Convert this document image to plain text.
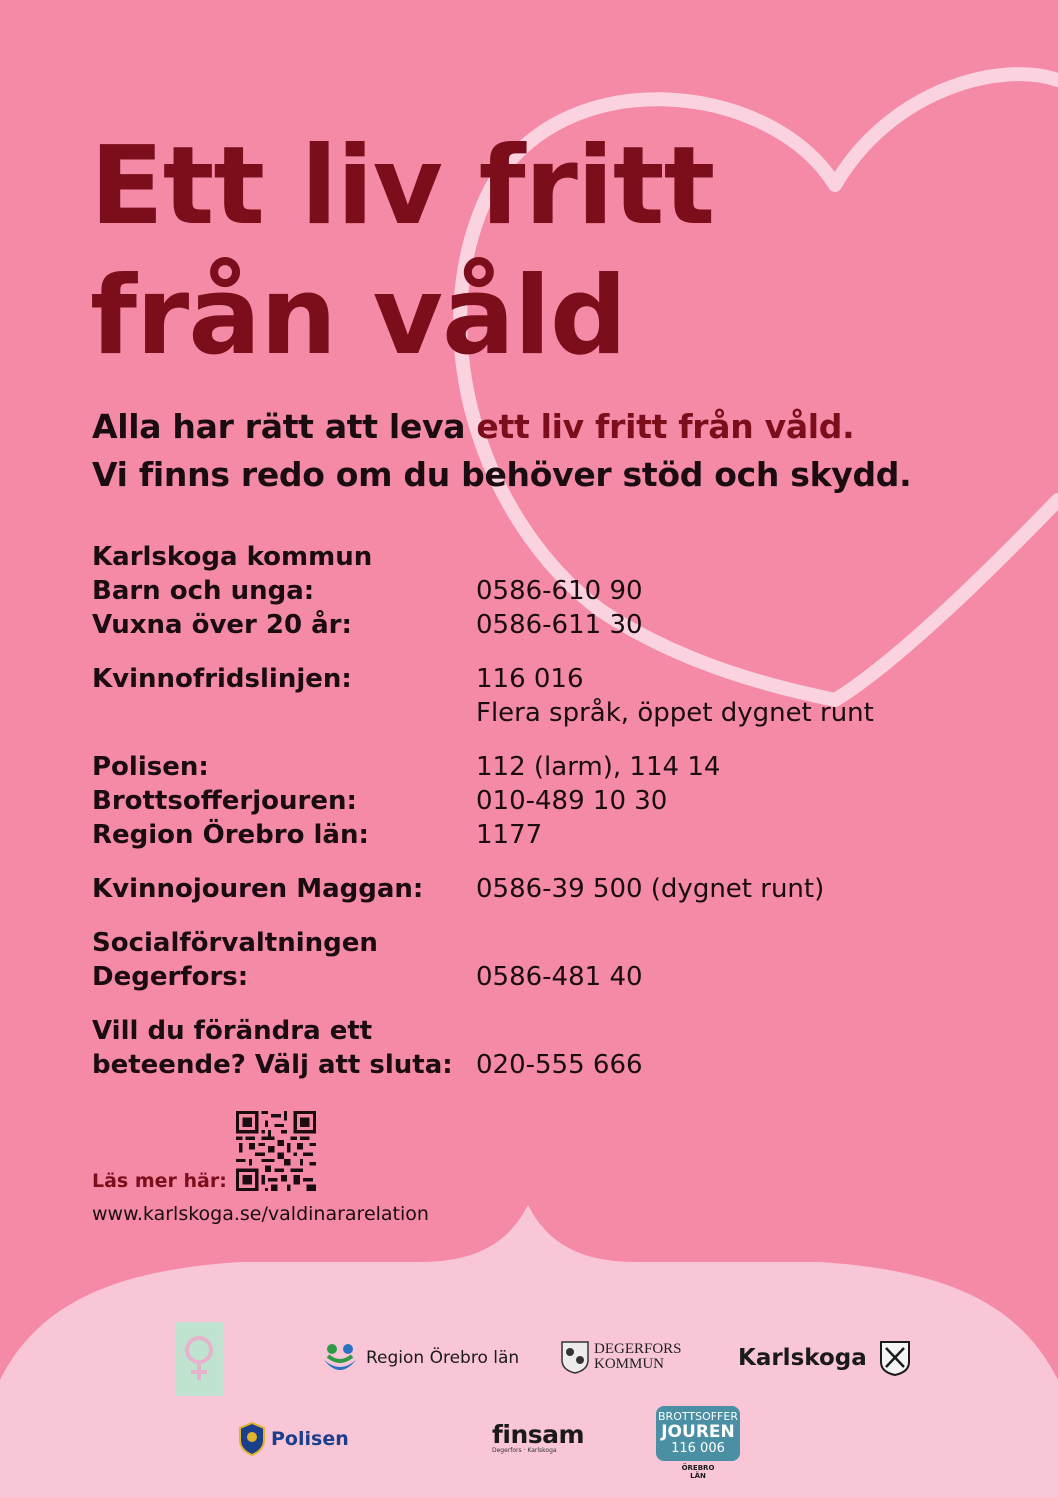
Ett liv fritt
från våld

Alla har rätt att leva ett liv fritt från våld.
Vi finns redo om du behöver stöd och skydd.

Karlskoga kommun
Barn och unga:	0586-610 90
Vuxna över 20 år:	0586-611 30
Kvinnofridslinjen:	116 016
Flera språk, öppet dygnet runt
Polisen:	112 (larm), 114 14
Brottsofferjouren:	010-489 10 30
Region Örebro län:	1177
Kvinnojouren Maggan:	0586-39 500 (dygnet runt)
Socialförvaltningen
Degerfors:	0586-481 40
Vill du förändra ett
beteende? Välj att sluta: 020-555 666
Läs mer här:
www.karlskoga.se/valdinararelation
Region Örebro län	DEGERFORS
KOMMUN	Karlskoga
Polisen	finsam
Degerfors · Karlskoga
BROTTSOFFER
JOUREN
116 006
ÖREBRO
LÄN
